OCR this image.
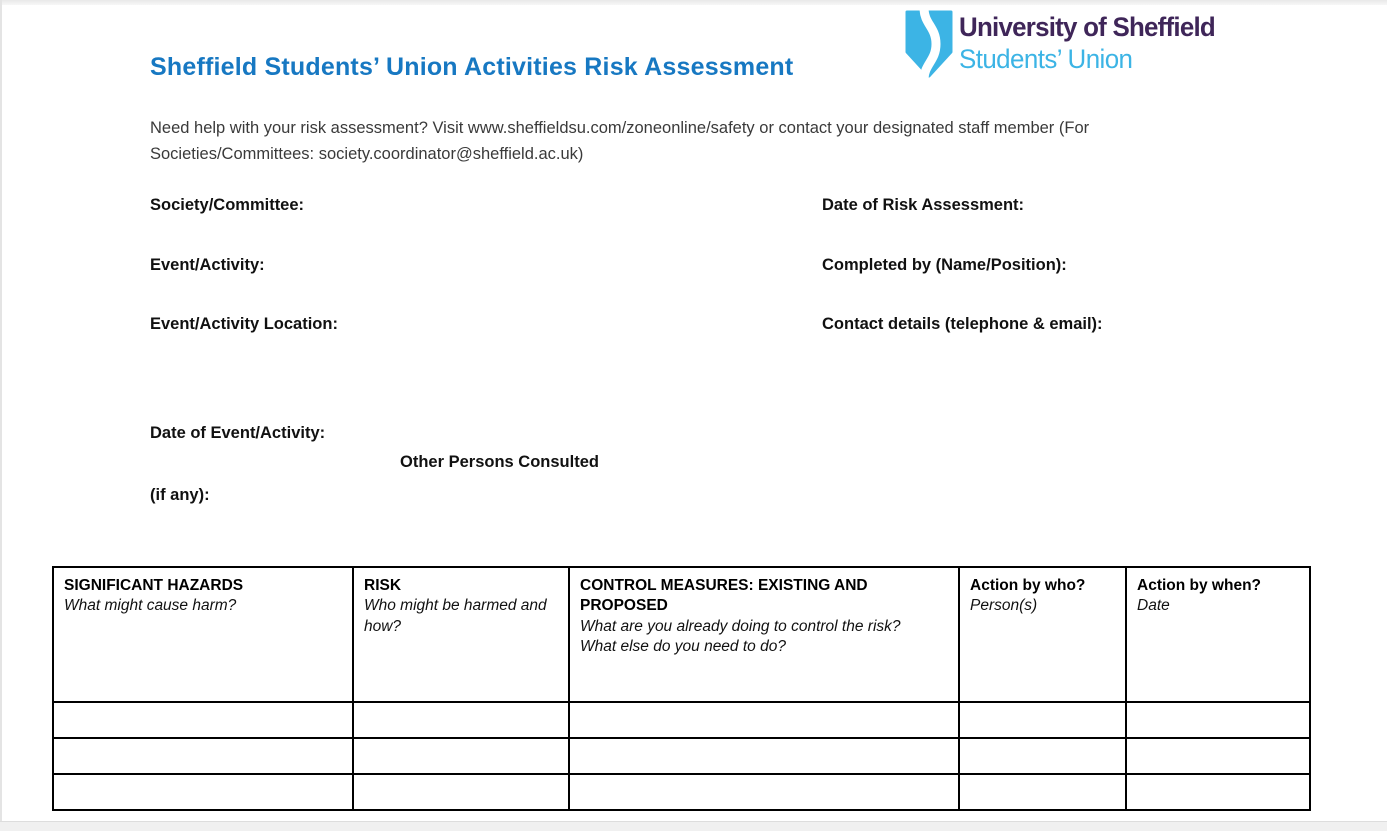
Sheffield Students’ Union Activities Risk Assessment
University of Sheffield
Students’ Union
Need help with your risk assessment? Visit www.sheffieldsu.com/zoneonline/safety or contact your designated staff member (For Societies/Committees: society.coordinator@sheffield.ac.uk)
Society/Committee:
Event/Activity:
Event/Activity Location:
Date of Risk Assessment:
Completed by (Name/Position):
Contact details (telephone & email):
Date of Event/Activity:
Other Persons Consulted
(if any):
SIGNIFICANT HAZARDS
What might cause harm?

RISK
Who might be harmed and how?

CONTROL MEASURES: EXISTING AND PROPOSED
What are you already doing to control the risk?
What else do you need to do?

Action by who?
Person(s)

Action by when?
Date
